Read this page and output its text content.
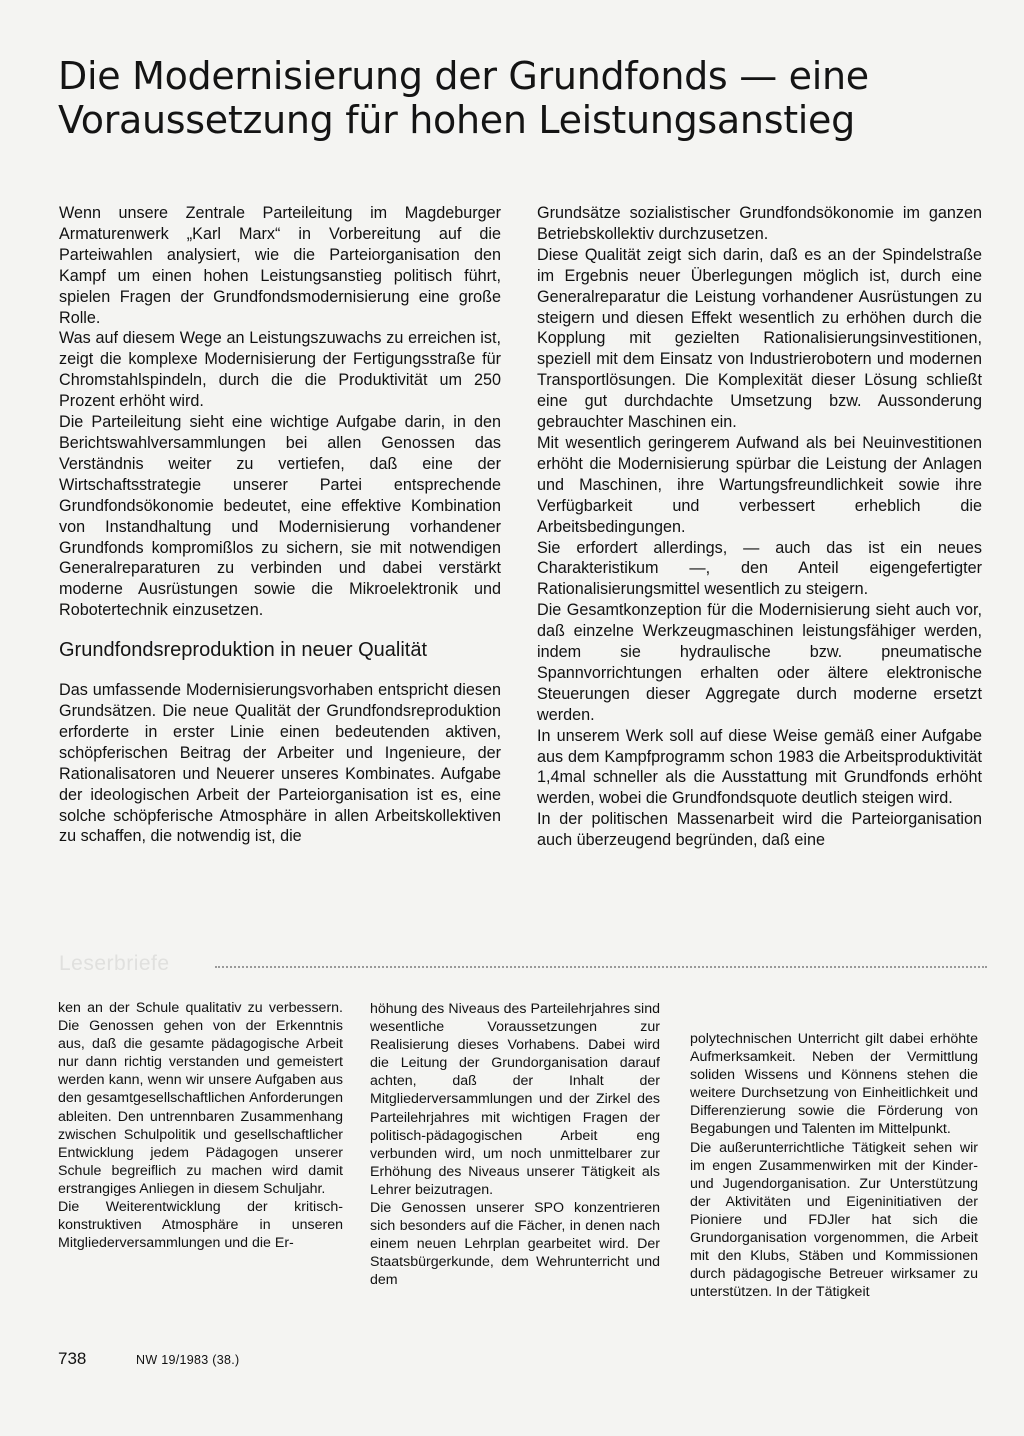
Die Modernisierung der Grundfonds — eine Voraussetzung für hohen Leistungsanstieg

Wenn unsere Zentrale Parteileitung im Magdeburger Armaturenwerk „Karl Marx“ in Vorbereitung auf die Parteiwahlen analysiert, wie die Parteiorganisation den Kampf um einen hohen Leistungsanstieg politisch führt, spielen Fragen der Grundfondsmodernisierung eine große Rolle.

Was auf diesem Wege an Leistungszuwachs zu erreichen ist, zeigt die komplexe Modernisierung der Fertigungsstraße für Chromstahlspindeln, durch die die Produktivität um 250 Prozent erhöht wird.

Die Parteileitung sieht eine wichtige Aufgabe darin, in den Berichtswahlversammlungen bei allen Genossen das Verständnis weiter zu vertiefen, daß eine der Wirtschaftsstrategie unserer Partei entsprechende Grundfondsökonomie bedeutet, eine effektive Kombination von Instandhaltung und Modernisierung vorhandener Grundfonds kompromißlos zu sichern, sie mit notwendigen Generalreparaturen zu verbinden und dabei verstärkt moderne Ausrüstungen sowie die Mikroelektronik und Robotertechnik einzusetzen.

Grundfondsreproduktion in neuer Qualität

Das umfassende Modernisierungsvorhaben entspricht diesen Grundsätzen. Die neue Qualität der Grundfondsreproduktion erforderte in erster Linie einen bedeutenden aktiven, schöpferischen Beitrag der Arbeiter und Ingenieure, der Rationalisatoren und Neuerer unseres Kombinates. Aufgabe der ideologischen Arbeit der Parteiorganisation ist es, eine solche schöpferische Atmosphäre in allen Arbeitskollektiven zu schaffen, die notwendig ist, die

Grundsätze sozialistischer Grundfondsökonomie im ganzen Betriebskollektiv durchzusetzen.

Diese Qualität zeigt sich darin, daß es an der Spindelstraße im Ergebnis neuer Überlegungen möglich ist, durch eine Generalreparatur die Leistung vorhandener Ausrüstungen zu steigern und diesen Effekt wesentlich zu erhöhen durch die Kopplung mit gezielten Rationalisierungsinvestitionen, speziell mit dem Einsatz von Industrierobotern und modernen Transportlösungen. Die Komplexität dieser Lösung schließt eine gut durchdachte Umsetzung bzw. Aussonderung gebrauchter Maschinen ein.

Mit wesentlich geringerem Aufwand als bei Neuinvestitionen erhöht die Modernisierung spürbar die Leistung der Anlagen und Maschinen, ihre Wartungsfreundlichkeit sowie ihre Verfügbarkeit und verbessert erheblich die Arbeitsbedingungen.

Sie erfordert allerdings, — auch das ist ein neues Charakteristikum —, den Anteil eigengefertigter Rationalisierungsmittel wesentlich zu steigern.

Die Gesamtkonzeption für die Modernisierung sieht auch vor, daß einzelne Werkzeugmaschinen leistungsfähiger werden, indem sie hydraulische bzw. pneumatische Spannvorrichtungen erhalten oder ältere elektronische Steuerungen dieser Aggregate durch moderne ersetzt werden.

In unserem Werk soll auf diese Weise gemäß einer Aufgabe aus dem Kampfprogramm schon 1983 die Arbeitsproduktivität 1,4mal schneller als die Ausstattung mit Grundfonds erhöht werden, wobei die Grundfondsquote deutlich steigen wird.

In der politischen Massenarbeit wird die Parteiorganisation auch überzeugend begründen, daß eine

Leserbriefe

ken an der Schule qualitativ zu verbessern. Die Genossen gehen von der Erkenntnis aus, daß die gesamte pädagogische Arbeit nur dann richtig verstanden und gemeistert werden kann, wenn wir unsere Aufgaben aus den gesamtgesellschaftlichen Anforderungen ableiten. Den untrennbaren Zusammenhang zwischen Schulpolitik und gesellschaftlicher Entwicklung jedem Pädagogen unserer Schule begreiflich zu machen wird damit erstrangiges Anliegen in diesem Schuljahr.

Die Weiterentwicklung der kritisch-konstruktiven Atmosphäre in unseren Mitgliederversammlungen und die Er-

höhung des Niveaus des Parteilehrjahres sind wesentliche Voraussetzungen zur Realisierung dieses Vorhabens. Dabei wird die Leitung der Grundorganisation darauf achten, daß der Inhalt der Mitgliederversammlungen und der Zirkel des Parteilehrjahres mit wichtigen Fragen der politisch-pädagogischen Arbeit eng verbunden wird, um noch unmittelbarer zur Erhöhung des Niveaus unserer Tätigkeit als Lehrer beizutragen.

Die Genossen unserer SPO konzentrieren sich besonders auf die Fächer, in denen nach einem neuen Lehrplan gearbeitet wird. Der Staatsbürgerkunde, dem Wehrunterricht und dem

polytechnischen Unterricht gilt dabei erhöhte Aufmerksamkeit. Neben der Vermittlung soliden Wissens und Könnens stehen die weitere Durchsetzung von Einheitlichkeit und Differenzierung sowie die Förderung von Begabungen und Talenten im Mittelpunkt.

Die außerunterrichtliche Tätigkeit sehen wir im engen Zusammenwirken mit der Kinder- und Jugendorganisation. Zur Unterstützung der Aktivitäten und Eigeninitiativen der Pioniere und FDJler hat sich die Grundorganisation vorgenommen, die Arbeit mit den Klubs, Stäben und Kommissionen durch pädagogische Betreuer wirksamer zu unterstützen. In der Tätigkeit

738	NW 19/1983 (38.)
